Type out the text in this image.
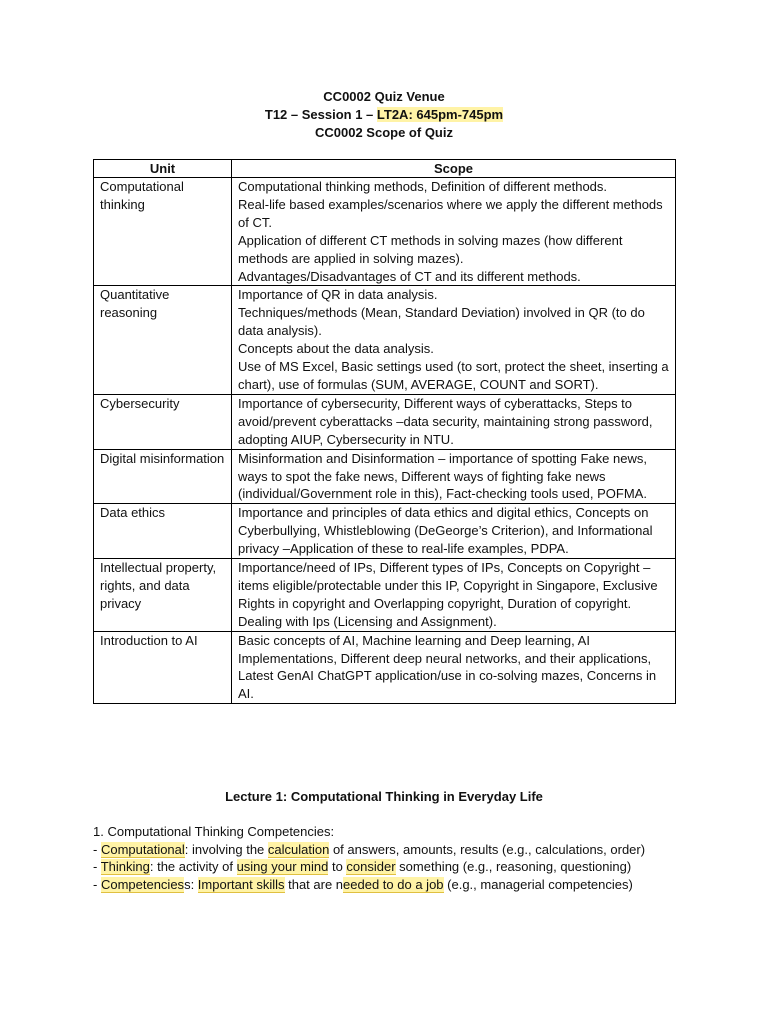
CC0002 Quiz Venue
T12 – Session 1 – LT2A: 645pm-745pm
CC0002 Scope of Quiz
Unit	Scope
Computational thinking	Computational thinking methods, Definition of different methods.
Real-life based examples/scenarios where we apply the different methods of CT.
Application of different CT methods in solving mazes (how different methods are applied in solving mazes).
Advantages/Disadvantages of CT and its different methods.

Quantitative reasoning	Importance of QR in data analysis.
Techniques/methods (Mean, Standard Deviation) involved in QR (to do data analysis).
Concepts about the data analysis.
Use of MS Excel, Basic settings used (to sort, protect the sheet, inserting a chart), use of formulas (SUM, AVERAGE, COUNT and SORT).

Cybersecurity	Importance of cybersecurity, Different ways of cyberattacks, Steps to avoid/prevent cyberattacks –data security, maintaining strong password, adopting AIUP, Cybersecurity in NTU.

Digital misinformation	Misinformation and Disinformation – importance of spotting Fake news, ways to spot the fake news, Different ways of fighting fake news (individual/Government role in this), Fact-checking tools used, POFMA.

Data ethics	Importance and principles of data ethics and digital ethics, Concepts on Cyberbullying, Whistleblowing (DeGeorge’s Criterion), and Informational privacy –Application of these to real-life examples, PDPA.

Intellectual property, rights, and data privacy	Importance/need of IPs, Different types of IPs, Concepts on Copyright –items eligible/protectable under this IP, Copyright in Singapore, Exclusive Rights in copyright and Overlapping copyright, Duration of copyright. Dealing with Ips (Licensing and Assignment).

Introduction to AI	Basic concepts of AI, Machine learning and Deep learning, AI Implementations, Different deep neural networks, and their applications, Latest GenAI ChatGPT application/use in co-solving mazes, Concerns in AI.
Lecture 1: Computational Thinking in Everyday Life

1. Computational Thinking Competencies:

- Computational: involving the calculation of answers, amounts, results (e.g., calculations, order)

- Thinking: the activity of using your mind to consider something (e.g., reasoning, questioning)

- Competenciess: Important skills that are needed to do a job (e.g., managerial competencies)
